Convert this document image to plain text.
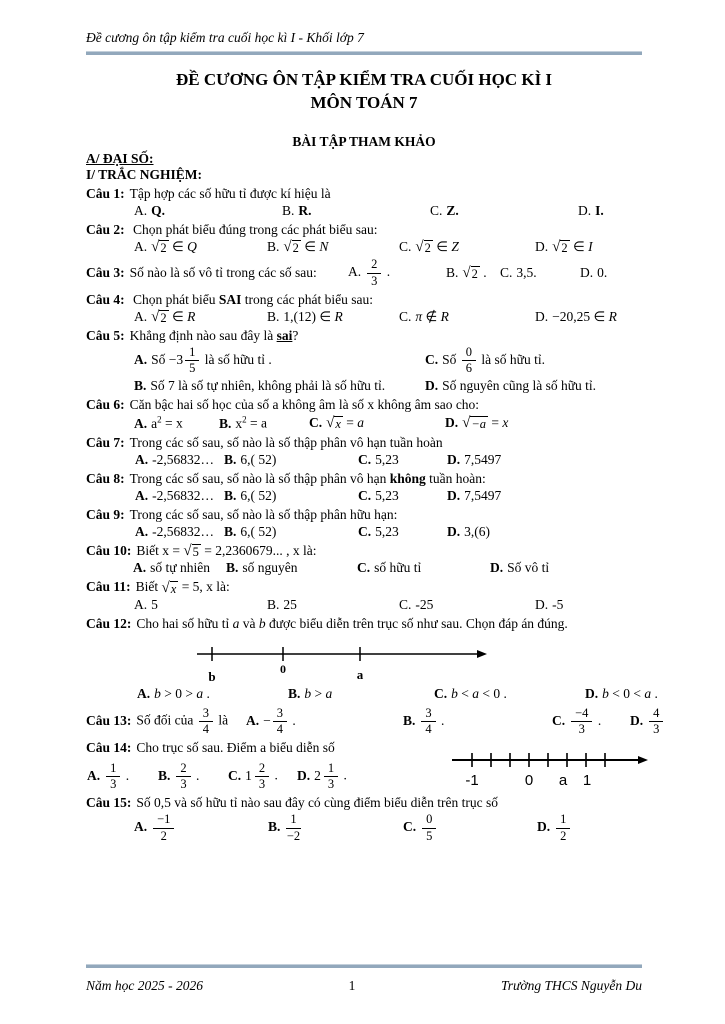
Đề cương ôn tập kiểm tra cuối học kì I - Khối lớp 7
ĐỀ CƯƠNG ÔN TẬP KIỂM TRA CUỐI HỌC KÌ I
MÔN TOÁN 7
BÀI TẬP THAM KHẢO
A/ ĐẠI SỐ:
I/ TRẮC NGHIỆM:

Câu 1: Tập hợp các số hữu tỉ được kí hiệu là

A. Q.	B. R.	C. Z.	D. I.

Câu 2: Chọn phát biểu đúng trong các phát biểu sau:

A. √ 2 ∈ Q	B. √ 2 ∈ N	C. √ 2 ∈ Z	D. √ 2 ∈ I
Câu 3: Số nào là số vô tỉ trong các số sau:	A. $\frac{2}{3}$ .	B. √ 2 . C. 3,5.	D. 0.

Câu 4: Chọn phát biểu SAI trong các phát biểu sau:

A. √ 2 ∈ R	B. 1,(12) ∈ R	C. π ∉ R	D. −20,25 ∈ R

Câu 5: Khẳng định nào sau đây là sai?

A. Số $-3 \frac{1}{5}$ là số hữu tỉ .	C. Số $\frac{0}{6}$ là số hữu tỉ.
B. Số 7 là số tự nhiên, không phải là số hữu tỉ.	D. Số nguyên cũng là số hữu tỉ.

Câu 6: Căn bậc hai số học của số a không âm là số x không âm sao cho:

A. $a^2 = x$	B. $x^2 = a$	C. √ x = a	D. √ −a = x

Câu 7: Trong các số sau, số nào là số thập phân vô hạn tuần hoàn

A. -2,56832… B. 6,( 52)	C. 5,23	D. 7,5497

Câu 8: Trong các số sau, số nào là số thập phân vô hạn không tuần hoàn:

A. -2,56832… B. 6,( 52)	C. 5,23	D. 7,5497

Câu 9: Trong các số sau, số nào là số thập phân hữu hạn:

A. -2,56832… B. 6,( 52)	C. 5,23	D. 3,(6)

Câu 10: Biết x = √ 5 = 2,2360679... , x là:

A. số tự nhiên	B. số nguyên	C. số hữu tỉ	D. Số vô tỉ

Câu 11: Biết √ x = 5, x là:

A. 5	B. 25	C. -25	D. -5

Câu 12: Cho hai số hữu tỉ a và b được biểu diễn trên trục số như sau. Chọn đáp án đúng.

b	0	a
A. b > 0 > a .	B. b > a	C. b < a < 0 .	D. b < 0 < a .
Câu 13: Số đối của $\frac{3}{4}$ là	A. − $\frac{3}{4}$ .	B. $\frac{3}{4}$ .	C. $\frac{-4}{3}$ .	D. $\frac{4}{3}$

Câu 14: Cho trục số sau. Điểm a biểu diễn số

A. $\frac{1}{3}$ .	B. $\frac{2}{3}$ .	C. $1 \frac{2}{3}$ .	D. $2 \frac{1}{3}$ .	-1	0 a 1

Câu 15: Số 0,5 và số hữu tỉ nào sau đây có cùng điểm biểu diễn trên trục số

A. $\frac{-1}{2}$	B. $\frac{1}{-2}$	C. $\frac{0}{5}$	D. $\frac{1}{2}$
Năm học 2025 - 2026	1	Trường THCS Nguyễn Du
